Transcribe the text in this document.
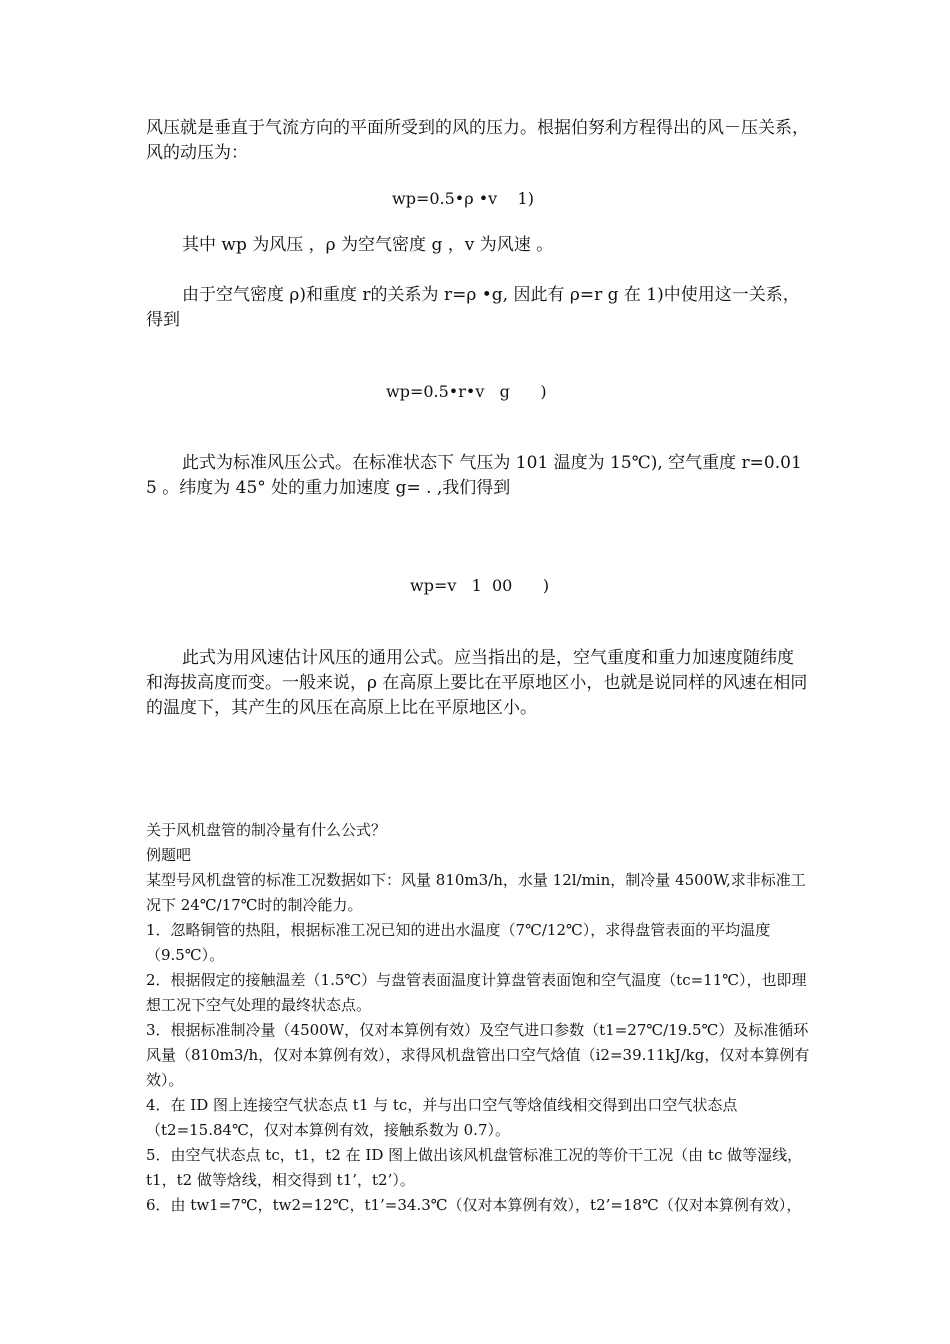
风压就是垂直于气流方向的平面所受到的风的压力。根据伯努利方程得出的风－压关系，风的动压为：

wp=0.5•ρ •v    1)

其中 wp 为风压 ，ρ 为空气密度 g ，v 为风速 。

由于空气密度 ρ)和重度 r的关系为 r=ρ •g, 因此有 ρ=r g 在 1)中使用这一关系，得到

wp=0.5•r•v   g      )

此式为标准风压公式。在标准状态下 气压为 101 温度为 15℃), 空气重度 r=0.01 5 。纬度为 45° 处的重力加速度 g= . ,我们得到

wp=v   1  00      )

此式为用风速估计风压的通用公式。应当指出的是，空气重度和重力加速度随纬度和海拔高度而变。一般来说，ρ 在高原上要比在平原地区小，也就是说同样的风速在相同的温度下，其产生的风压在高原上比在平原地区小。

关于风机盘管的制冷量有什么公式？

例题吧

某型号风机盘管的标准工况数据如下：风量 810m3/h，水量 12l/min，制冷量 4500W,求非标准工况下 24℃/17℃时的制冷能力。

1．忽略铜管的热阻，根据标准工况已知的进出水温度（7℃/12℃），求得盘管表面的平均温度（9.5℃）。

2．根据假定的接触温差（1.5℃）与盘管表面温度计算盘管表面饱和空气温度（tc=11℃），也即理想工况下空气处理的最终状态点。

3．根据标准制冷量（4500W，仅对本算例有效）及空气进口参数（t1=27℃/19.5℃）及标准循环风量（810m3/h，仅对本算例有效），求得风机盘管出口空气焓值（i2=39.11kJ/kg，仅对本算例有效）。

4．在 ID 图上连接空气状态点 t1 与 tc，并与出口空气等焓值线相交得到出口空气状态点（t2=15.84℃，仅对本算例有效，接触系数为 0.7）。

5．由空气状态点 tc，t1，t2 在 ID 图上做出该风机盘管标准工况的等价干工况（由 tc 做等湿线，t1，t2 做等焓线，相交得到 t1’，t2’）。

6．由 tw1=7℃，tw2=12℃，t1’=34.3℃（仅对本算例有效），t2’=18℃（仅对本算例有效），
